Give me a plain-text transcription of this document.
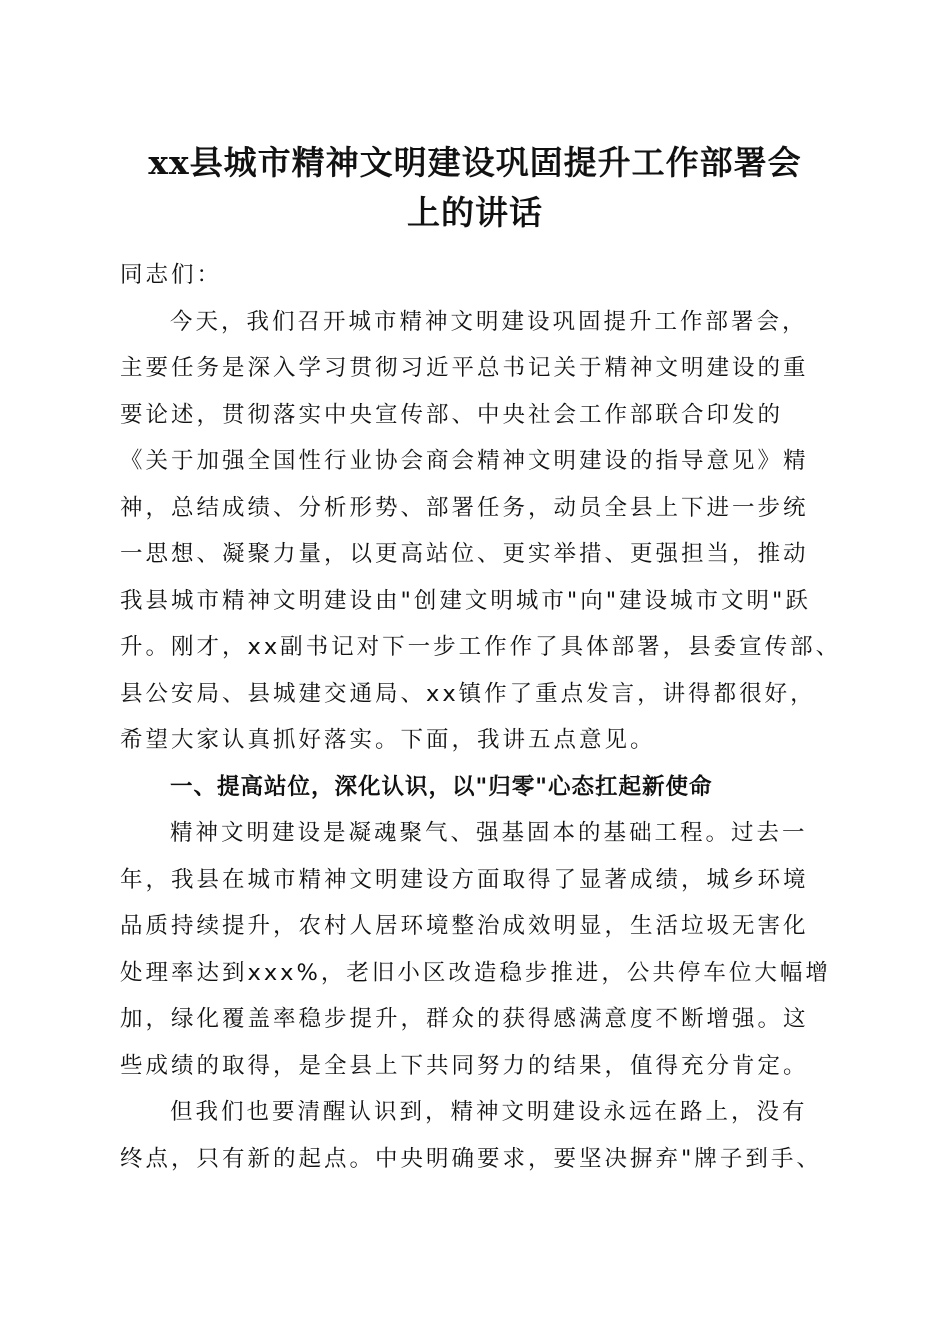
xx县城市精神文明建设巩固提升工作部署会
上的讲话
同志们：
今天，我们召开城市精神文明建设巩固提升工作部署会，
主要任务是深入学习贯彻习近平总书记关于精神文明建设的重
要论述，贯彻落实中央宣传部、中央社会工作部联合印发的
《关于加强全国性行业协会商会精神文明建设的指导意见》精
神，总结成绩、分析形势、部署任务，动员全县上下进一步统
一思想、凝聚力量，以更高站位、更实举措、更强担当，推动
我县城市精神文明建设由"创建文明城市"向"建设城市文明"跃
升。刚才，xx副书记对下一步工作作了具体部署，县委宣传部、
县公安局、县城建交通局、xx镇作了重点发言，讲得都很好，
希望大家认真抓好落实。下面，我讲五点意见。
一、提高站位，深化认识，以"归零"心态扛起新使命
精神文明建设是凝魂聚气、强基固本的基础工程。过去一
年，我县在城市精神文明建设方面取得了显著成绩，城乡环境
品质持续提升，农村人居环境整治成效明显，生活垃圾无害化
处理率达到xxx%，老旧小区改造稳步推进，公共停车位大幅增
加，绿化覆盖率稳步提升，群众的获得感满意度不断增强。这
些成绩的取得，是全县上下共同努力的结果，值得充分肯定。
但我们也要清醒认识到，精神文明建设永远在路上，没有
终点，只有新的起点。中央明确要求，要坚决摒弃"牌子到手、
